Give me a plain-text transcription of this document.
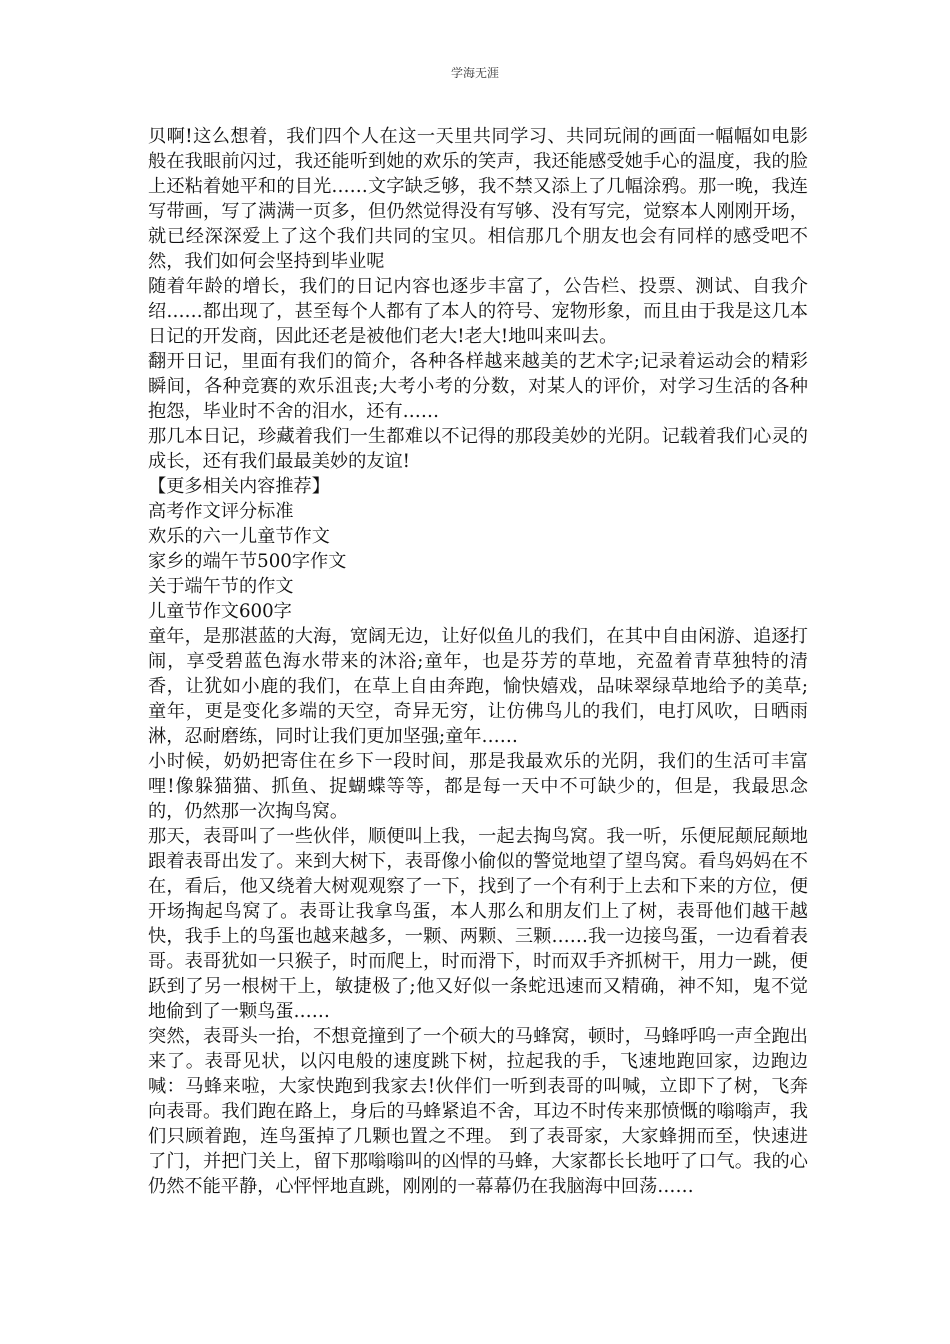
学海无涯

贝啊!这么想着，我们四个人在这一天里共同学习、共同玩闹的画面一幅幅如电影般在我眼前闪过，我还能听到她的欢乐的笑声，我还能感受她手心的温度，我的脸上还粘着她平和的目光……文字缺乏够，我不禁又添上了几幅涂鸦。那一晚，我连写带画，写了满满一页多，但仍然觉得没有写够、没有写完，觉察本人刚刚开场，就已经深深爱上了这个我们共同的宝贝。相信那几个朋友也会有同样的感受吧不然，我们如何会坚持到毕业呢

随着年龄的增长，我们的日记内容也逐步丰富了，公告栏、投票、测试、自我介绍……都出现了，甚至每个人都有了本人的符号、宠物形象，而且由于我是这几本日记的开发商，因此还老是被他们老大!老大!地叫来叫去。

翻开日记，里面有我们的简介，各种各样越来越美的艺术字;记录着运动会的精彩瞬间，各种竞赛的欢乐沮丧;大考小考的分数，对某人的评价，对学习生活的各种抱怨，毕业时不舍的泪水，还有……

那几本日记，珍藏着我们一生都难以不记得的那段美妙的光阴。记载着我们心灵的成长，还有我们最最美妙的友谊!

【更多相关内容推荐】

高考作文评分标准

欢乐的六一儿童节作文

家乡的端午节500字作文

关于端午节的作文

儿童节作文600字

童年，是那湛蓝的大海，宽阔无边，让好似鱼儿的我们，在其中自由闲游、追逐打闹，享受碧蓝色海水带来的沐浴;童年，也是芬芳的草地，充盈着青草独特的清香，让犹如小鹿的我们，在草上自由奔跑，愉快嬉戏，品味翠绿草地给予的美草;童年，更是变化多端的天空，奇异无穷，让仿佛鸟儿的我们，电打风吹，日晒雨淋，忍耐磨练，同时让我们更加坚强;童年……

小时候，奶奶把寄住在乡下一段时间，那是我最欢乐的光阴，我们的生活可丰富哩!像躲猫猫、抓鱼、捉蝴蝶等等，都是每一天中不可缺少的，但是，我最思念的，仍然那一次掏鸟窝。

那天，表哥叫了一些伙伴，顺便叫上我，一起去掏鸟窝。我一听，乐便屁颠屁颠地跟着表哥出发了。来到大树下，表哥像小偷似的警觉地望了望鸟窝。看鸟妈妈在不在，看后，他又绕着大树观观察了一下，找到了一个有利于上去和下来的方位，便开场掏起鸟窝了。表哥让我拿鸟蛋，本人那么和朋友们上了树，表哥他们越干越快，我手上的鸟蛋也越来越多，一颗、两颗、三颗……我一边接鸟蛋，一边看着表哥。表哥犹如一只猴子，时而爬上，时而滑下，时而双手齐抓树干，用力一跳，便跃到了另一根树干上，敏捷极了;他又好似一条蛇迅速而又精确，神不知，鬼不觉地偷到了一颗鸟蛋……

突然，表哥头一抬，不想竟撞到了一个硕大的马蜂窝，顿时，马蜂呼呜一声全跑出来了。表哥见状，以闪电般的速度跳下树，拉起我的手，飞速地跑回家，边跑边喊：马蜂来啦，大家快跑到我家去!伙伴们一听到表哥的叫喊，立即下了树，飞奔向表哥。我们跑在路上，身后的马蜂紧追不舍，耳边不时传来那愤慨的嗡嗡声，我们只顾着跑，连鸟蛋掉了几颗也置之不理。 到了表哥家，大家蜂拥而至，快速进了门，并把门关上，留下那嗡嗡叫的凶悍的马蜂，大家都长长地吁了口气。我的心仍然不能平静，心怦怦地直跳，刚刚的一幕幕仍在我脑海中回荡……
